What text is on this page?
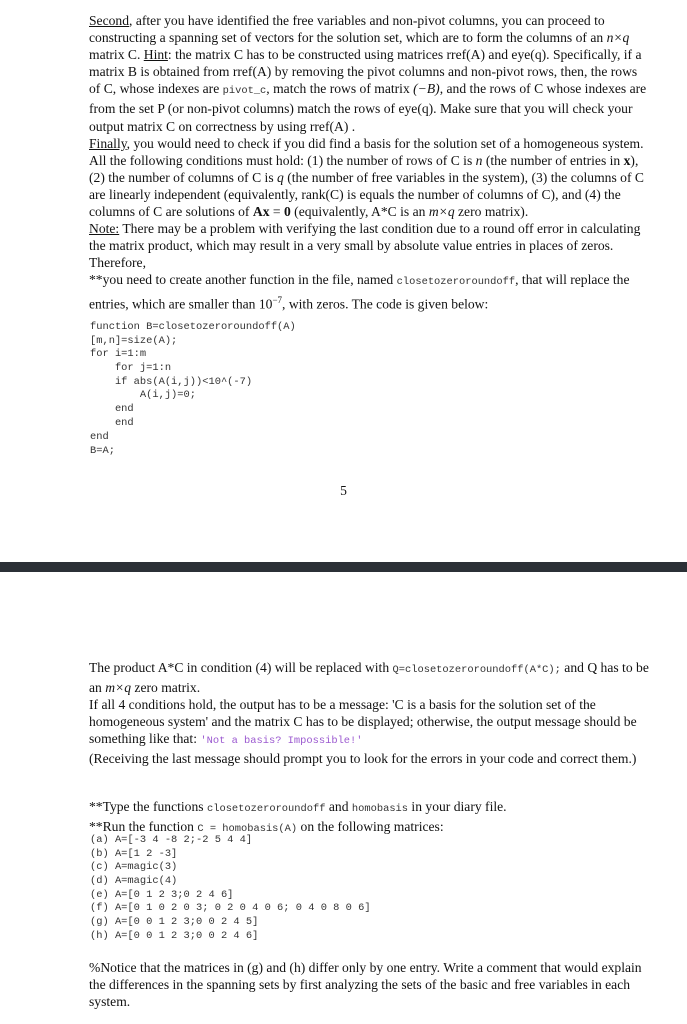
Second, after you have identified the free variables and non-pivot columns, you can proceed to constructing a spanning set of vectors for the solution set, which are to form the columns of an n×q matrix C. Hint: the matrix C has to be constructed using matrices rref(A) and eye(q). Specifically, if a matrix B is obtained from rref(A) by removing the pivot columns and non-pivot rows, then, the rows of C, whose indexes are pivot_c, match the rows of matrix (−B), and the rows of C whose indexes are from the set P (or non-pivot columns) match the rows of eye(q). Make sure that you will check your output matrix C on correctness by using rref(A) .

Finally, you would need to check if you did find a basis for the solution set of a homogeneous system. All the following conditions must hold: (1) the number of rows of C is n (the number of entries in x), (2) the number of columns of C is q (the number of free variables in the system), (3) the columns of C are linearly independent (equivalently, rank(C) is equals the number of columns of C), and (4) the columns of C are solutions of Ax = 0 (equivalently, A*C is an m×q zero matrix).

Note: There may be a problem with verifying the last condition due to a round off error in calculating the matrix product, which may result in a very small by absolute value entries in places of zeros. Therefore,

**you need to create another function in the file, named closetozeroroundoff, that will replace the entries, which are smaller than $10^{-7}$, with zeros. The code is given below:

function B=closetozeroroundoff(A)
[m,n]=size(A);
for i=1:m
for j=1:n
if abs(A(i,j))<10^(-7)
A(i,j)=0;
end
end
end
B=A;
5

The product A*C in condition (4) will be replaced with Q=closetozeroroundoff(A*C); and Q has to be an m×q zero matrix.

If all 4 conditions hold, the output has to be a message: 'C is a basis for the solution set of the homogeneous system' and the matrix C has to be displayed; otherwise, the output message should be something like that: 'Not a basis? Impossible!'

(Receiving the last message should prompt you to look for the errors in your code and correct them.)

**Type the functions closetozeroroundoff and homobasis in your diary file.

**Run the function C = homobasis(A) on the following matrices:

(a) A=[-3 4 -8 2;-2 5 4 4]
(b) A=[1 2 -3]
(c) A=magic(3)
(d) A=magic(4)
(e) A=[0 1 2 3;0 2 4 6]
(f) A=[0 1 0 2 0 3; 0 2 0 4 0 6; 0 4 0 8 0 6]
(g) A=[0 0 1 2 3;0 0 2 4 5]
(h) A=[0 0 1 2 3;0 0 2 4 6]

%Notice that the matrices in (g) and (h) differ only by one entry. Write a comment that would explain the differences in the spanning sets by first analyzing the sets of the basic and free variables in each system.
